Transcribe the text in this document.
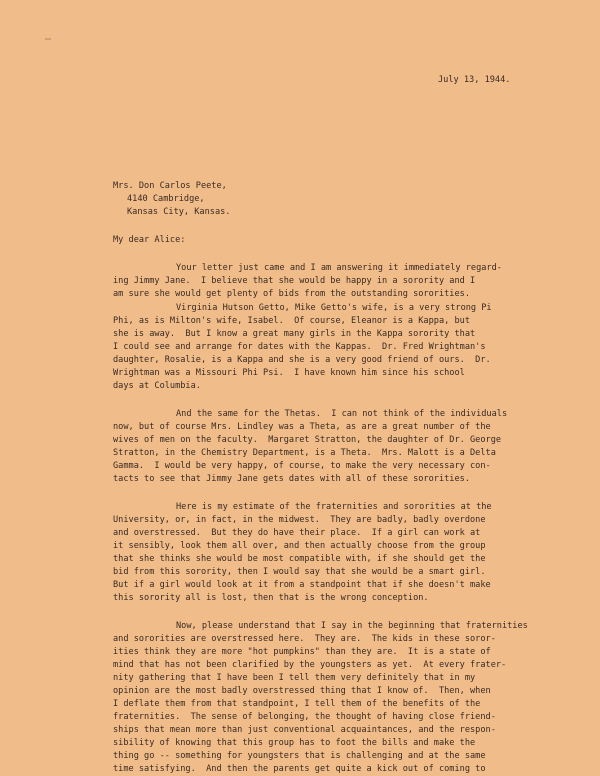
July 13, 1944.
Mrs. Don Carlos Peete,
4140 Cambridge,
Kansas City, Kansas.
My dear Alice:
Your letter just came and I am answering it immediately regard-
ing Jimmy Jane.  I believe that she would be happy in a sorority and I
am sure she would get plenty of bids from the outstanding sororities.
Virginia Hutson Getto, Mike Getto's wife, is a very strong Pi
Phi, as is Milton's wife, Isabel.  Of course, Eleanor is a Kappa, but
she is away.  But I know a great many girls in the Kappa sorority that
I could see and arrange for dates with the Kappas.  Dr. Fred Wrightman's
daughter, Rosalie, is a Kappa and she is a very good friend of ours.  Dr.
Wrightman was a Missouri Phi Psi.  I have known him since his school
days at Columbia.
And the same for the Thetas.  I can not think of the individuals
now, but of course Mrs. Lindley was a Theta, as are a great number of the
wives of men on the faculty.  Margaret Stratton, the daughter of Dr. George
Stratton, in the Chemistry Department, is a Theta.  Mrs. Malott is a Delta
Gamma.  I would be very happy, of course, to make the very necessary con-
tacts to see that Jimmy Jane gets dates with all of these sororities.
Here is my estimate of the fraternities and sororities at the
University, or, in fact, in the midwest.  They are badly, badly overdone
and overstressed.  But they do have their place.  If a girl can work at
it sensibly, look them all over, and then actually choose from the group
that she thinks she would be most compatible with, if she should get the
bid from this sorority, then I would say that she would be a smart girl.
But if a girl would look at it from a standpoint that if she doesn't make
this sorority all is lost, then that is the wrong conception.
Now, please understand that I say in the beginning that fraternities
and sororities are overstressed here.  They are.  The kids in these soror-
ities think they are more "hot pumpkins" than they are.  It is a state of
mind that has not been clarified by the youngsters as yet.  At every frater-
nity gathering that I have been I tell them very definitely that in my
opinion are the most badly overstressed thing that I know of.  Then, when
I deflate them from that standpoint, I tell them of the benefits of the
fraternities.  The sense of belonging, the thought of having close friend-
ships that mean more than just conventional acquaintances, and the respon-
sibility of knowing that this group has to foot the bills and make the
thing go -- something for youngsters that is challenging and at the same
time satisfying.  And then the parents get quite a kick out of coming to
